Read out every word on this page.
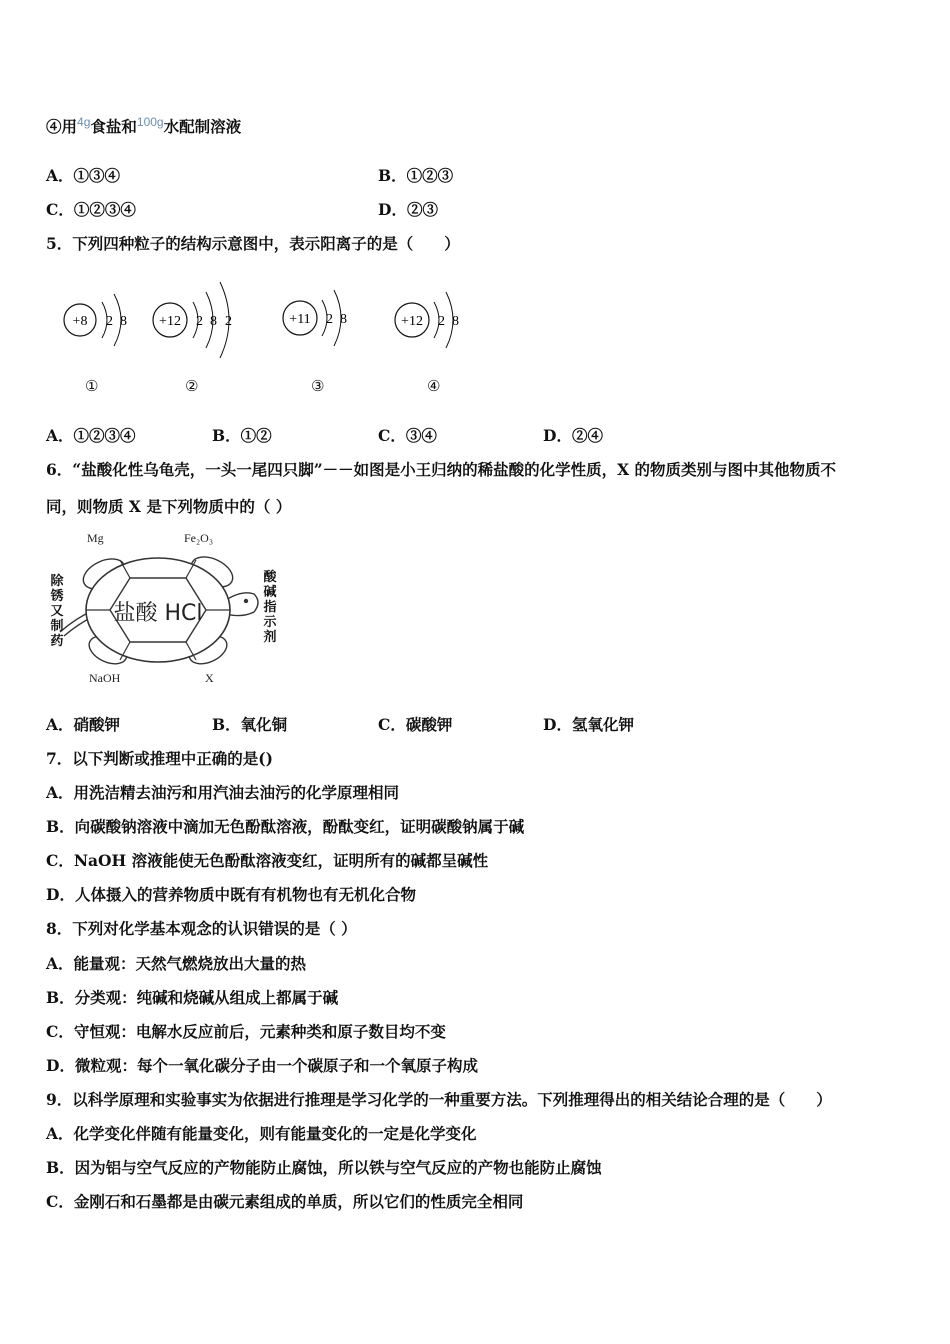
④用$^{4g}$食盐和$^{100g}$水配制溶液
A．①③④	B．①②③
C．①②③④	D．②③
5．下列四种粒子的结构示意图中，表示阳离子的是（　　）
+8 2 8 +12 2 8 2	+11 2 8	+12 2 8
①	②	③	④
A．①②③④	B．①②	C．③④	D．②④
6．“盐酸化性乌龟壳，一头一尾四只脚”－－如图是小王归纳的稀盐酸的化学性质，X 的物质类别与图中其他物质不
同，则物质 X 是下列物质中的（ ）
盐酸 HCl
Mg	Fe₂O₃
NaOH	X
除锈又制药
酸碱指示剂
A．硝酸钾	B．氧化铜	C．碳酸钾	D．氢氧化钾
7．以下判断或推理中正确的是()
A．用洗洁精去油污和用汽油去油污的化学原理相同
B．向碳酸钠溶液中滴加无色酚酞溶液，酚酞变红，证明碳酸钠属于碱
C．NaOH 溶液能使无色酚酞溶液变红，证明所有的碱都呈碱性
D．人体摄入的营养物质中既有有机物也有无机化合物
8．下列对化学基本观念的认识错误的是（ ）
A．能量观：天然气燃烧放出大量的热
B．分类观：纯碱和烧碱从组成上都属于碱
C．守恒观：电解水反应前后，元素种类和原子数目均不变
D．微粒观：每个一氧化碳分子由一个碳原子和一个氧原子构成
9．以科学原理和实验事实为依据进行推理是学习化学的一种重要方法。下列推理得出的相关结论合理的是（　　）
A．化学变化伴随有能量变化，则有能量变化的一定是化学变化
B．因为铝与空气反应的产物能防止腐蚀，所以铁与空气反应的产物也能防止腐蚀
C．金刚石和石墨都是由碳元素组成的单质，所以它们的性质完全相同
